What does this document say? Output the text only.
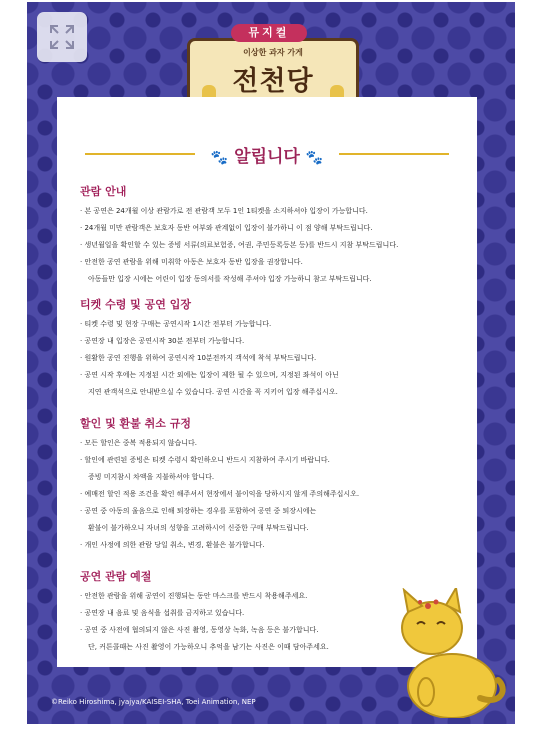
이상한 과자 가게
전천당
뮤지컬
🐾 알립니다 🐾
관람 안내
· 본 공연은 24개월 이상 관람가로 전 관람객 모두 1인 1티켓을 소지하셔야 입장이 가능합니다.
· 24개월 미만 관람객은 보호자 동반 여부와 관계없이 입장이 불가하니 이 점 양해 부탁드립니다.
· 생년월일을 확인할 수 있는 증빙 서류(의료보험증, 여권, 주민등록등본 등)를 반드시 지참 부탁드립니다.
· 안전한 공연 관람을 위해 미취학 아동은 보호자 동반 입장을 권장합니다.
아동들만 입장 시에는 어린이 입장 동의서를 작성해 주셔야 입장 가능하니 참고 부탁드립니다.
티켓 수령 및 공연 입장
· 티켓 수령 및 현장 구매는 공연시작 1시간 전부터 가능합니다.
· 공연장 내 입장은 공연시작 30분 전부터 가능합니다.
· 원활한 공연 진행을 위하여 공연시작 10분전까지 객석에 착석 부탁드립니다.
· 공연 시작 후에는 지정된 시간 외에는 입장이 제한 될 수 있으며, 지정된 좌석이 아닌
지연 관객석으로 안내받으실 수 있습니다. 공연 시간을 꼭 지키어 입장 해주십시오.
할인 및 환불 취소 규정
· 모든 할인은 중복 적용되지 않습니다.
· 할인에 관련된 증빙은 티켓 수령시 확인하오니 반드시 지참하여 주시기 바랍니다.
증빙 미지참시 차액을 지불하셔야 합니다.
· 예매전 할인 적용 조건을 확인 해주셔서 현장에서 불이익을 당하시지 않게 주의해주십시오.
· 공연 중 아동의 울음으로 인해 퇴장하는 경우를 포함하여 공연 중 퇴장시에는
환불이 불가하오니 자녀의 성향을 고려하시어 신중한 구매 부탁드립니다.
· 개인 사정에 의한 관람 당일 취소, 변경, 환불은 불가합니다.
공연 관람 예절
· 안전한 관람을 위해 공연이 진행되는 동안 마스크를 반드시 착용해주세요.
· 공연장 내 음료 및 음식을 섭취를 금지하고 있습니다.
· 공연 중 사전에 협의되지 않은 사진 촬영, 동영상 녹화, 녹음 등은 불가합니다.
단, 커튼콜때는 사진 촬영이 가능하오니 추억을 남기는 사진은 이때 담아주세요.
©Reiko Hiroshima, jyajya/KAISEI-SHA, Toei Animation, NEP
